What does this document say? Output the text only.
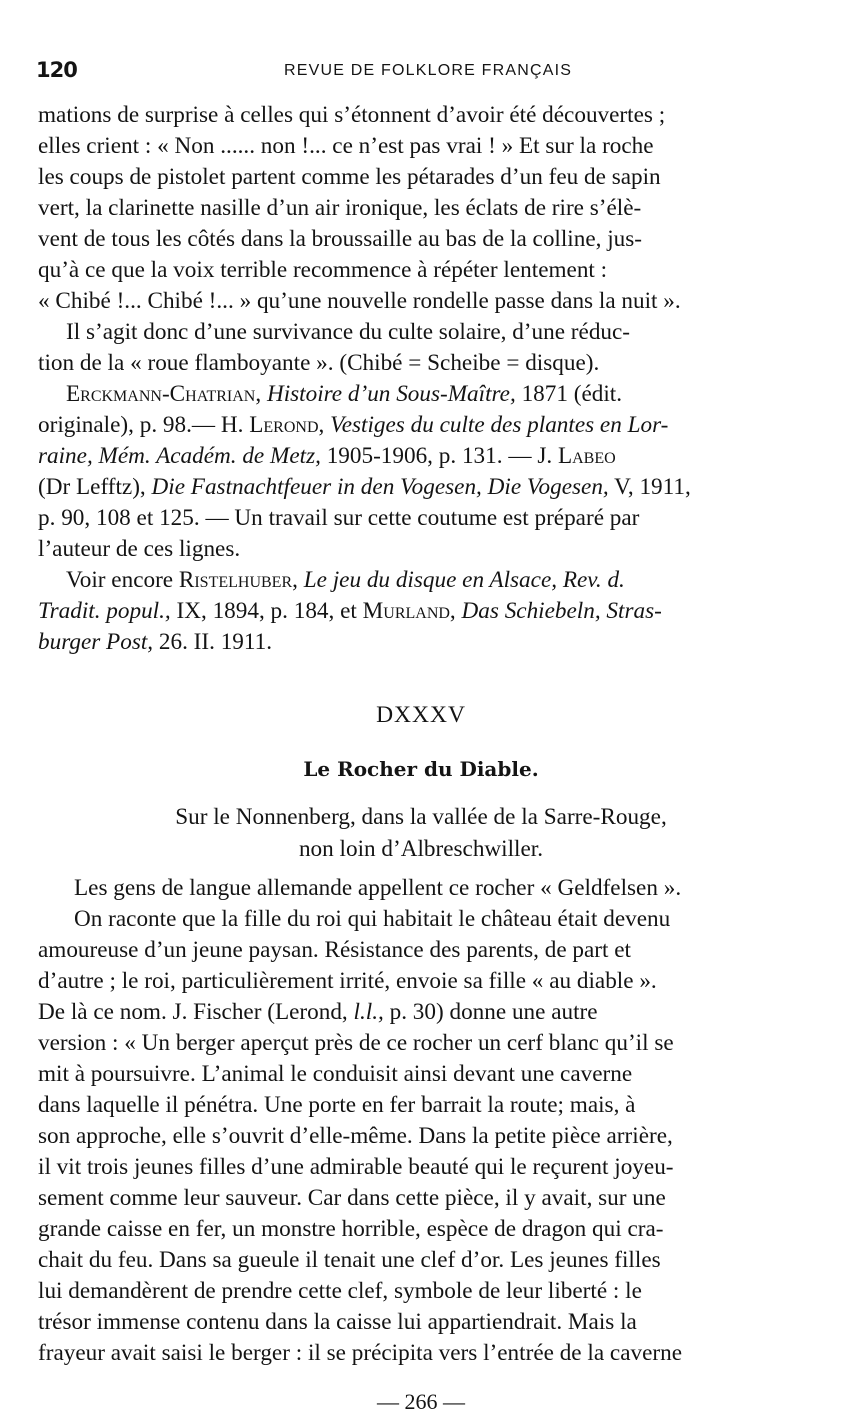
120	REVUE DE FOLKLORE FRANÇAIS
mations de surprise à celles qui s’étonnent d’avoir été découvertes ;
elles crient : « Non ...... non !... ce n’est pas vrai ! » Et sur la roche
les coups de pistolet partent comme les pétarades d’un feu de sapin
vert, la clarinette nasille d’un air ironique, les éclats de rire s’élè-
vent de tous les côtés dans la broussaille au bas de la colline, jus-
qu’à ce que la voix terrible recommence à répéter lentement :
« Chibé !... Chibé !... » qu’une nouvelle rondelle passe dans la nuit ».
Il s’agit donc d’une survivance du culte solaire, d’une réduc-
tion de la « roue flamboyante ». (Chibé = Scheibe = disque).
Erckmann-Chatrian, Histoire d’un Sous-Maître, 1871 (édit.
originale), p. 98.— H. Lerond, Vestiges du culte des plantes en Lor-
raine, Mém. Académ. de Metz, 1905-1906, p. 131. — J. Labeo
(Dr Lefftz), Die Fastnachtfeuer in den Vogesen, Die Vogesen, V, 1911,
p. 90, 108 et 125. — Un travail sur cette coutume est préparé par
l’auteur de ces lignes.
Voir encore Ristelhuber, Le jeu du disque en Alsace, Rev. d.
Tradit. popul., IX, 1894, p. 184, et Murland, Das Schiebeln, Stras-
burger Post, 26. II. 1911.
DXXXV
Le Rocher du Diable.
Sur le Nonnenberg, dans la vallée de la Sarre-Rouge,
non loin d’Albreschwiller.
Les gens de langue allemande appellent ce rocher « Geldfelsen ».
On raconte que la fille du roi qui habitait le château était devenu
amoureuse d’un jeune paysan. Résistance des parents, de part et
d’autre ; le roi, particulièrement irrité, envoie sa fille « au diable ».
De là ce nom. J. Fischer (Lerond, l.l., p. 30) donne une autre
version : « Un berger aperçut près de ce rocher un cerf blanc qu’il se
mit à poursuivre. L’animal le conduisit ainsi devant une caverne
dans laquelle il pénétra. Une porte en fer barrait la route; mais, à
son approche, elle s’ouvrit d’elle-même. Dans la petite pièce arrière,
il vit trois jeunes filles d’une admirable beauté qui le reçurent joyeu-
sement comme leur sauveur. Car dans cette pièce, il y avait, sur une
grande caisse en fer, un monstre horrible, espèce de dragon qui cra-
chait du feu. Dans sa gueule il tenait une clef d’or. Les jeunes filles
lui demandèrent de prendre cette clef, symbole de leur liberté : le
trésor immense contenu dans la caisse lui appartiendrait. Mais la
frayeur avait saisi le berger : il se précipita vers l’entrée de la caverne
— 266 —
